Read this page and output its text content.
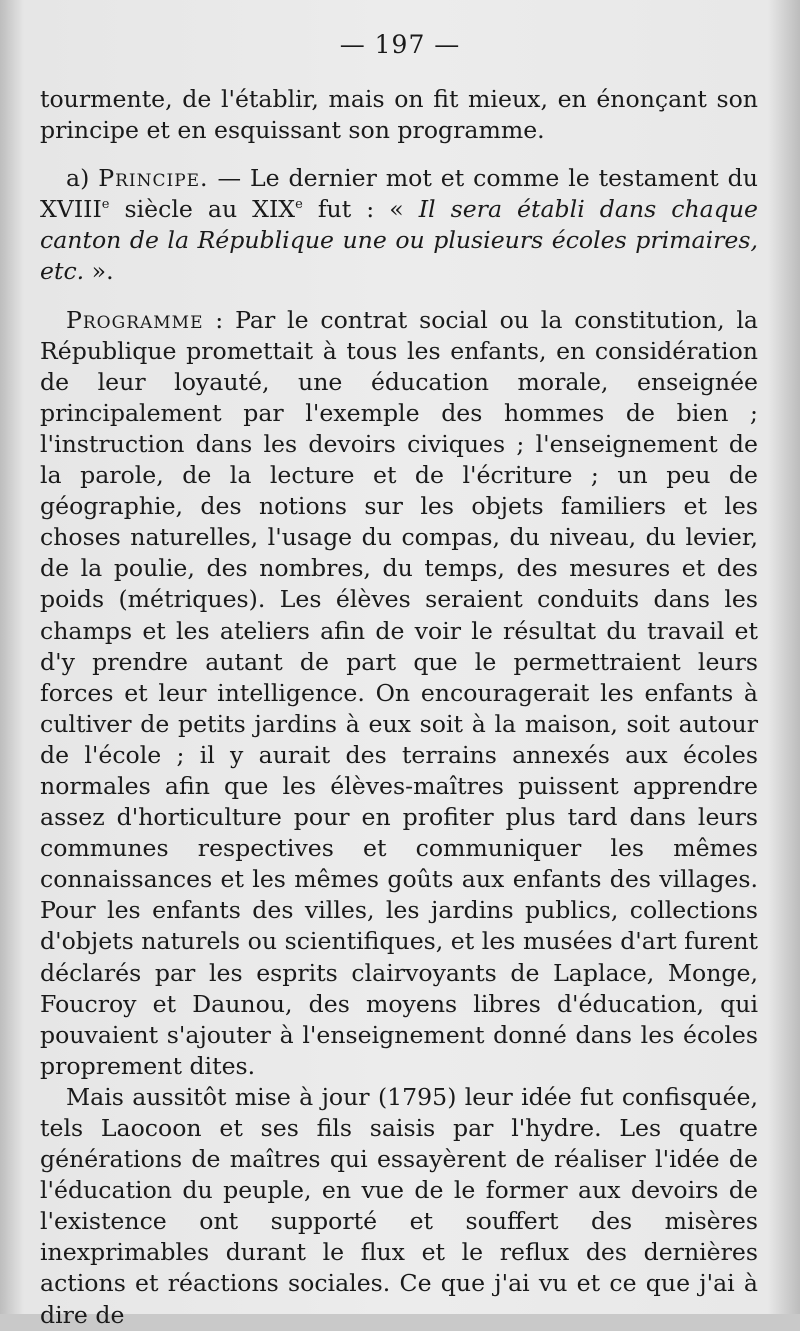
— 197 —

tourmente, de l'établir, mais on fit mieux, en énonçant son principe et en esquissant son programme.

a) Principe. — Le dernier mot et comme le testament du XVIIIe siècle au XIXe fut : « Il sera établi dans chaque canton de la République une ou plusieurs écoles primaires, etc. ».

Programme : Par le contrat social ou la constitution, la République promettait à tous les enfants, en considération de leur loyauté, une éducation morale, enseignée principalement par l'exemple des hommes de bien ; l'instruction dans les devoirs civiques ; l'enseignement de la parole, de la lecture et de l'écriture ; un peu de géographie, des notions sur les objets familiers et les choses naturelles, l'usage du compas, du niveau, du levier, de la poulie, des nombres, du temps, des mesures et des poids (métriques). Les élèves seraient conduits dans les champs et les ateliers afin de voir le résultat du travail et d'y prendre autant de part que le permettraient leurs forces et leur intelligence. On encouragerait les enfants à cultiver de petits jardins à eux soit à la maison, soit autour de l'école ; il y aurait des terrains annexés aux écoles normales afin que les élèves-maîtres puissent apprendre assez d'horticulture pour en profiter plus tard dans leurs communes respectives et communiquer les mêmes connaissances et les mêmes goûts aux enfants des villages. Pour les enfants des villes, les jardins publics, collections d'objets naturels ou scientifiques, et les musées d'art furent déclarés par les esprits clairvoyants de Laplace, Monge, Foucroy et Daunou, des moyens libres d'éducation, qui pouvaient s'ajouter à l'enseignement donné dans les écoles proprement dites.

Mais aussitôt mise à jour (1795) leur idée fut confisquée, tels Laocoon et ses fils saisis par l'hydre. Les quatre générations de maîtres qui essayèrent de réaliser l'idée de l'éducation du peuple, en vue de le former aux devoirs de l'existence ont supporté et souffert des misères inexprimables durant le flux et le reflux des dernières actions et réactions sociales. Ce que j'ai vu et ce que j'ai à dire de
